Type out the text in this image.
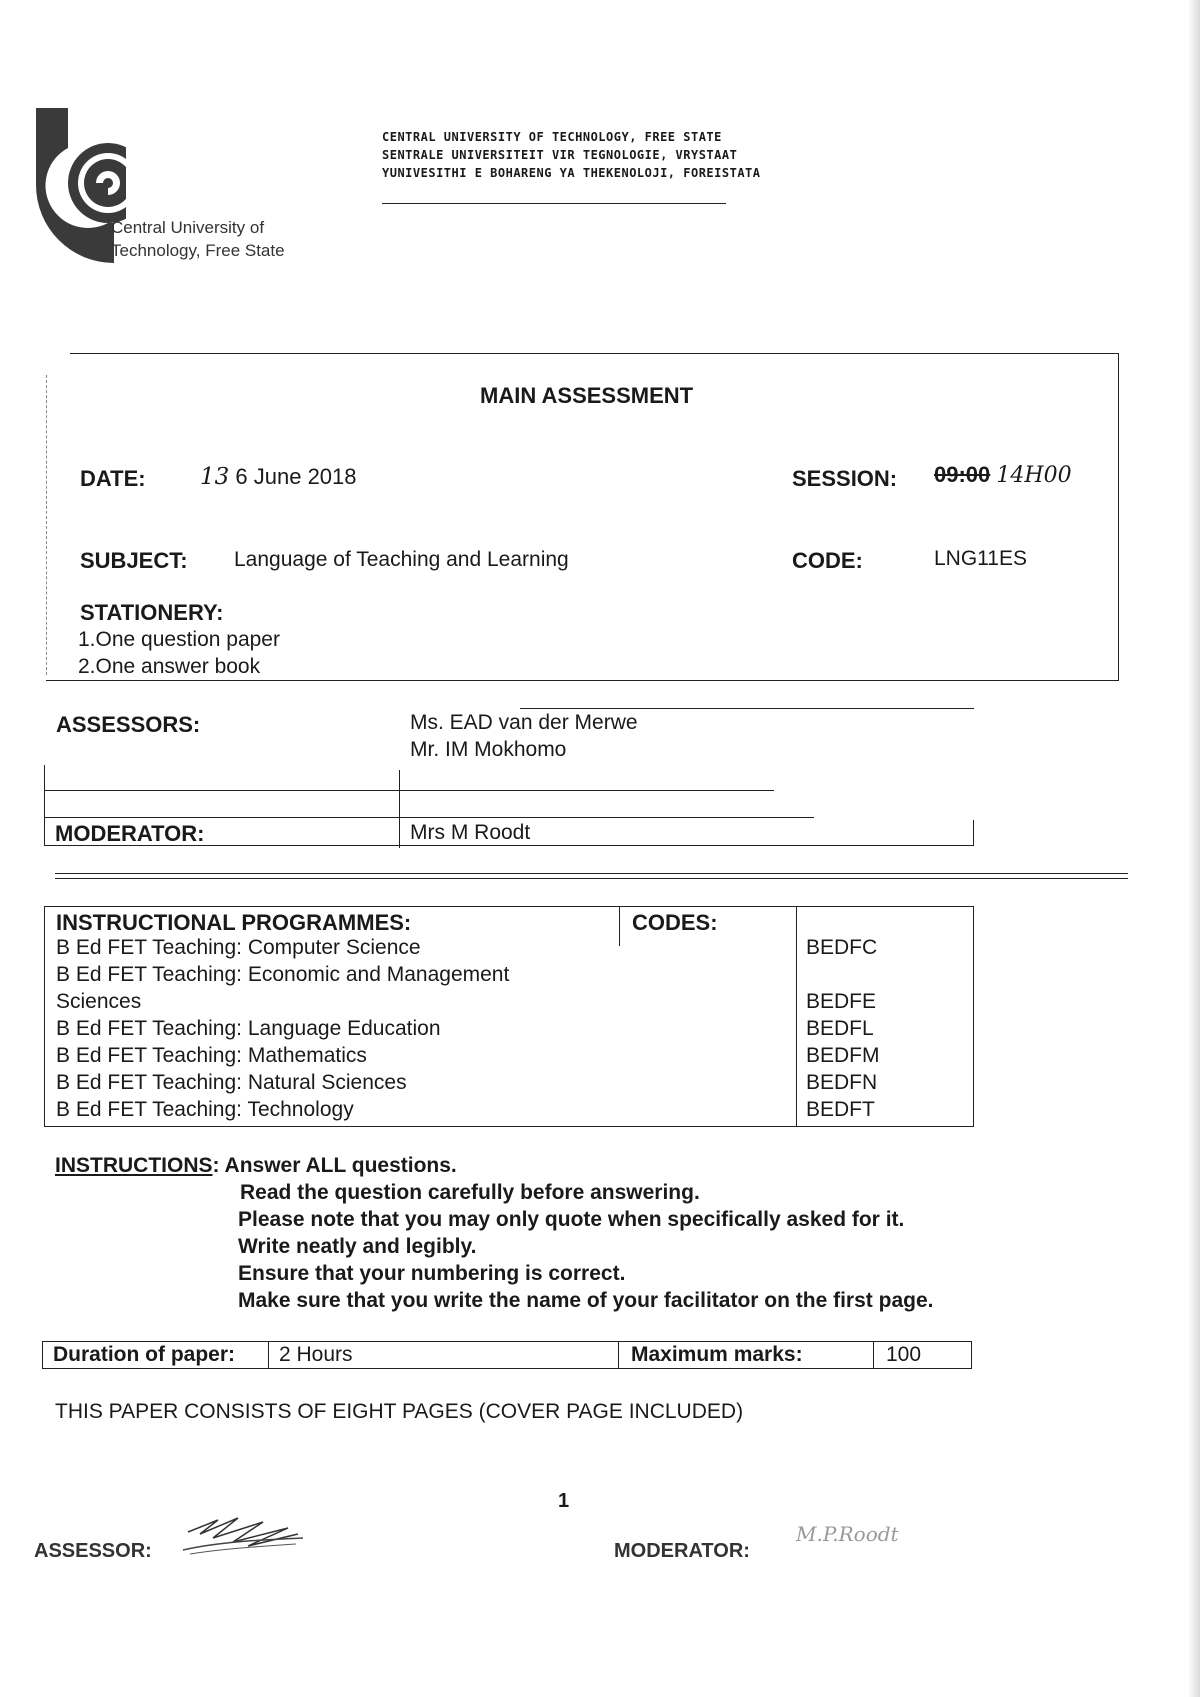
Central University of
Technology, Free State
CENTRAL UNIVERSITY OF TECHNOLOGY, FREE STATE
SENTRALE UNIVERSITEIT VIR TEGNOLOGIE, VRYSTAAT
YUNIVESITHI E BOHARENG YA THEKENOLOJI, FOREISTATA
MAIN ASSESSMENT
DATE: 13 6 June 2018	SESSION: 09:00 14H00
SUBJECT: Language of Teaching and Learning	CODE:	LNG11ES
STATIONERY:
1.One question paper
2.One answer book
ASSESSORS:	Ms. EAD van der Merwe
Mr. IM Mokhomo
MODERATOR:	Mrs M Roodt
INSTRUCTIONAL PROGRAMMES:	CODES:
B Ed FET Teaching: Computer Science	BEDFC
B Ed FET Teaching: Economic and Management
Sciences	BEDFE
B Ed FET Teaching: Language Education	BEDFL
B Ed FET Teaching: Mathematics	BEDFM
B Ed FET Teaching: Natural Sciences	BEDFN
B Ed FET Teaching: Technology	BEDFT
INSTRUCTIONS: Answer ALL questions.
Read the question carefully before answering.
Please note that you may only quote when specifically asked for it.
Write neatly and legibly.
Ensure that your numbering is correct.
Make sure that you write the name of your facilitator on the first page.
Duration of paper: 2 Hours	Maximum marks:	100
THIS PAPER CONSISTS OF EIGHT PAGES (COVER PAGE INCLUDED)
1
ASSESSOR:	MODERATOR:
M.P.Roodt
